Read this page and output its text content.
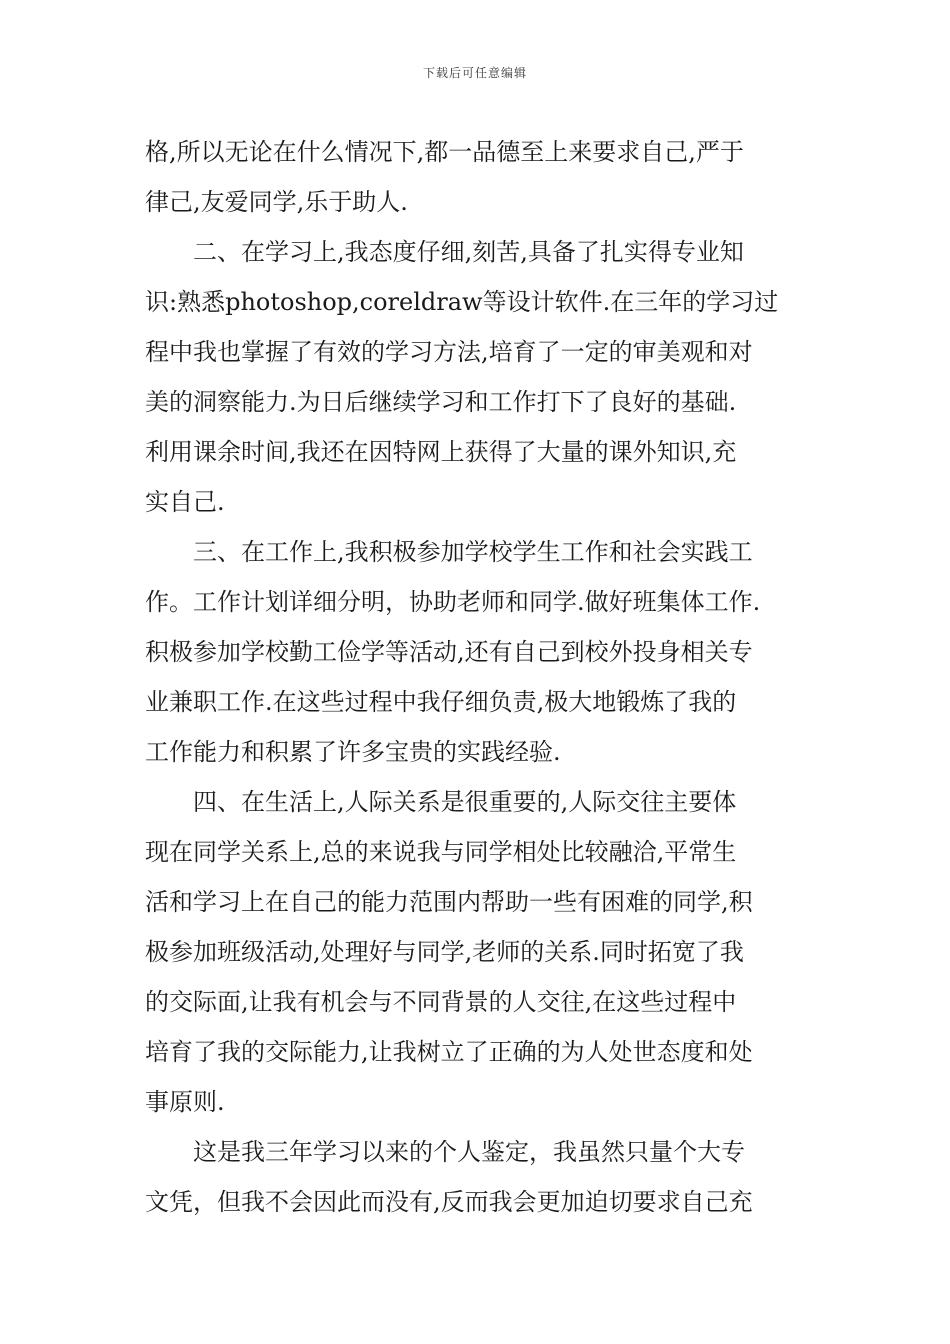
下载后可任意编辑
格,所以无论在什么情况下,都一品德至上来要求自己,严于
律己,友爱同学,乐于助人.
二、在学习上,我态度仔细,刻苦,具备了扎实得专业知
识:熟悉photoshop,coreldraw等设计软件.在三年的学习过
程中我也掌握了有效的学习方法,培育了一定的审美观和对
美的洞察能力.为日后继续学习和工作打下了良好的基础.
利用课余时间,我还在因特网上获得了大量的课外知识,充
实自己.
三、在工作上,我积极参加学校学生工作和社会实践工
作。工作计划详细分明，协助老师和同学.做好班集体工作.
积极参加学校勤工俭学等活动,还有自己到校外投身相关专
业兼职工作.在这些过程中我仔细负责,极大地锻炼了我的
工作能力和积累了许多宝贵的实践经验.
四、在生活上,人际关系是很重要的,人际交往主要体
现在同学关系上,总的来说我与同学相处比较融洽,平常生
活和学习上在自己的能力范围内帮助一些有困难的同学,积
极参加班级活动,处理好与同学,老师的关系.同时拓宽了我
的交际面,让我有机会与不同背景的人交往,在这些过程中
培育了我的交际能力,让我树立了正确的为人处世态度和处
事原则.
这是我三年学习以来的个人鉴定，我虽然只量个大专
文凭，但我不会因此而没有,反而我会更加迫切要求自己充
